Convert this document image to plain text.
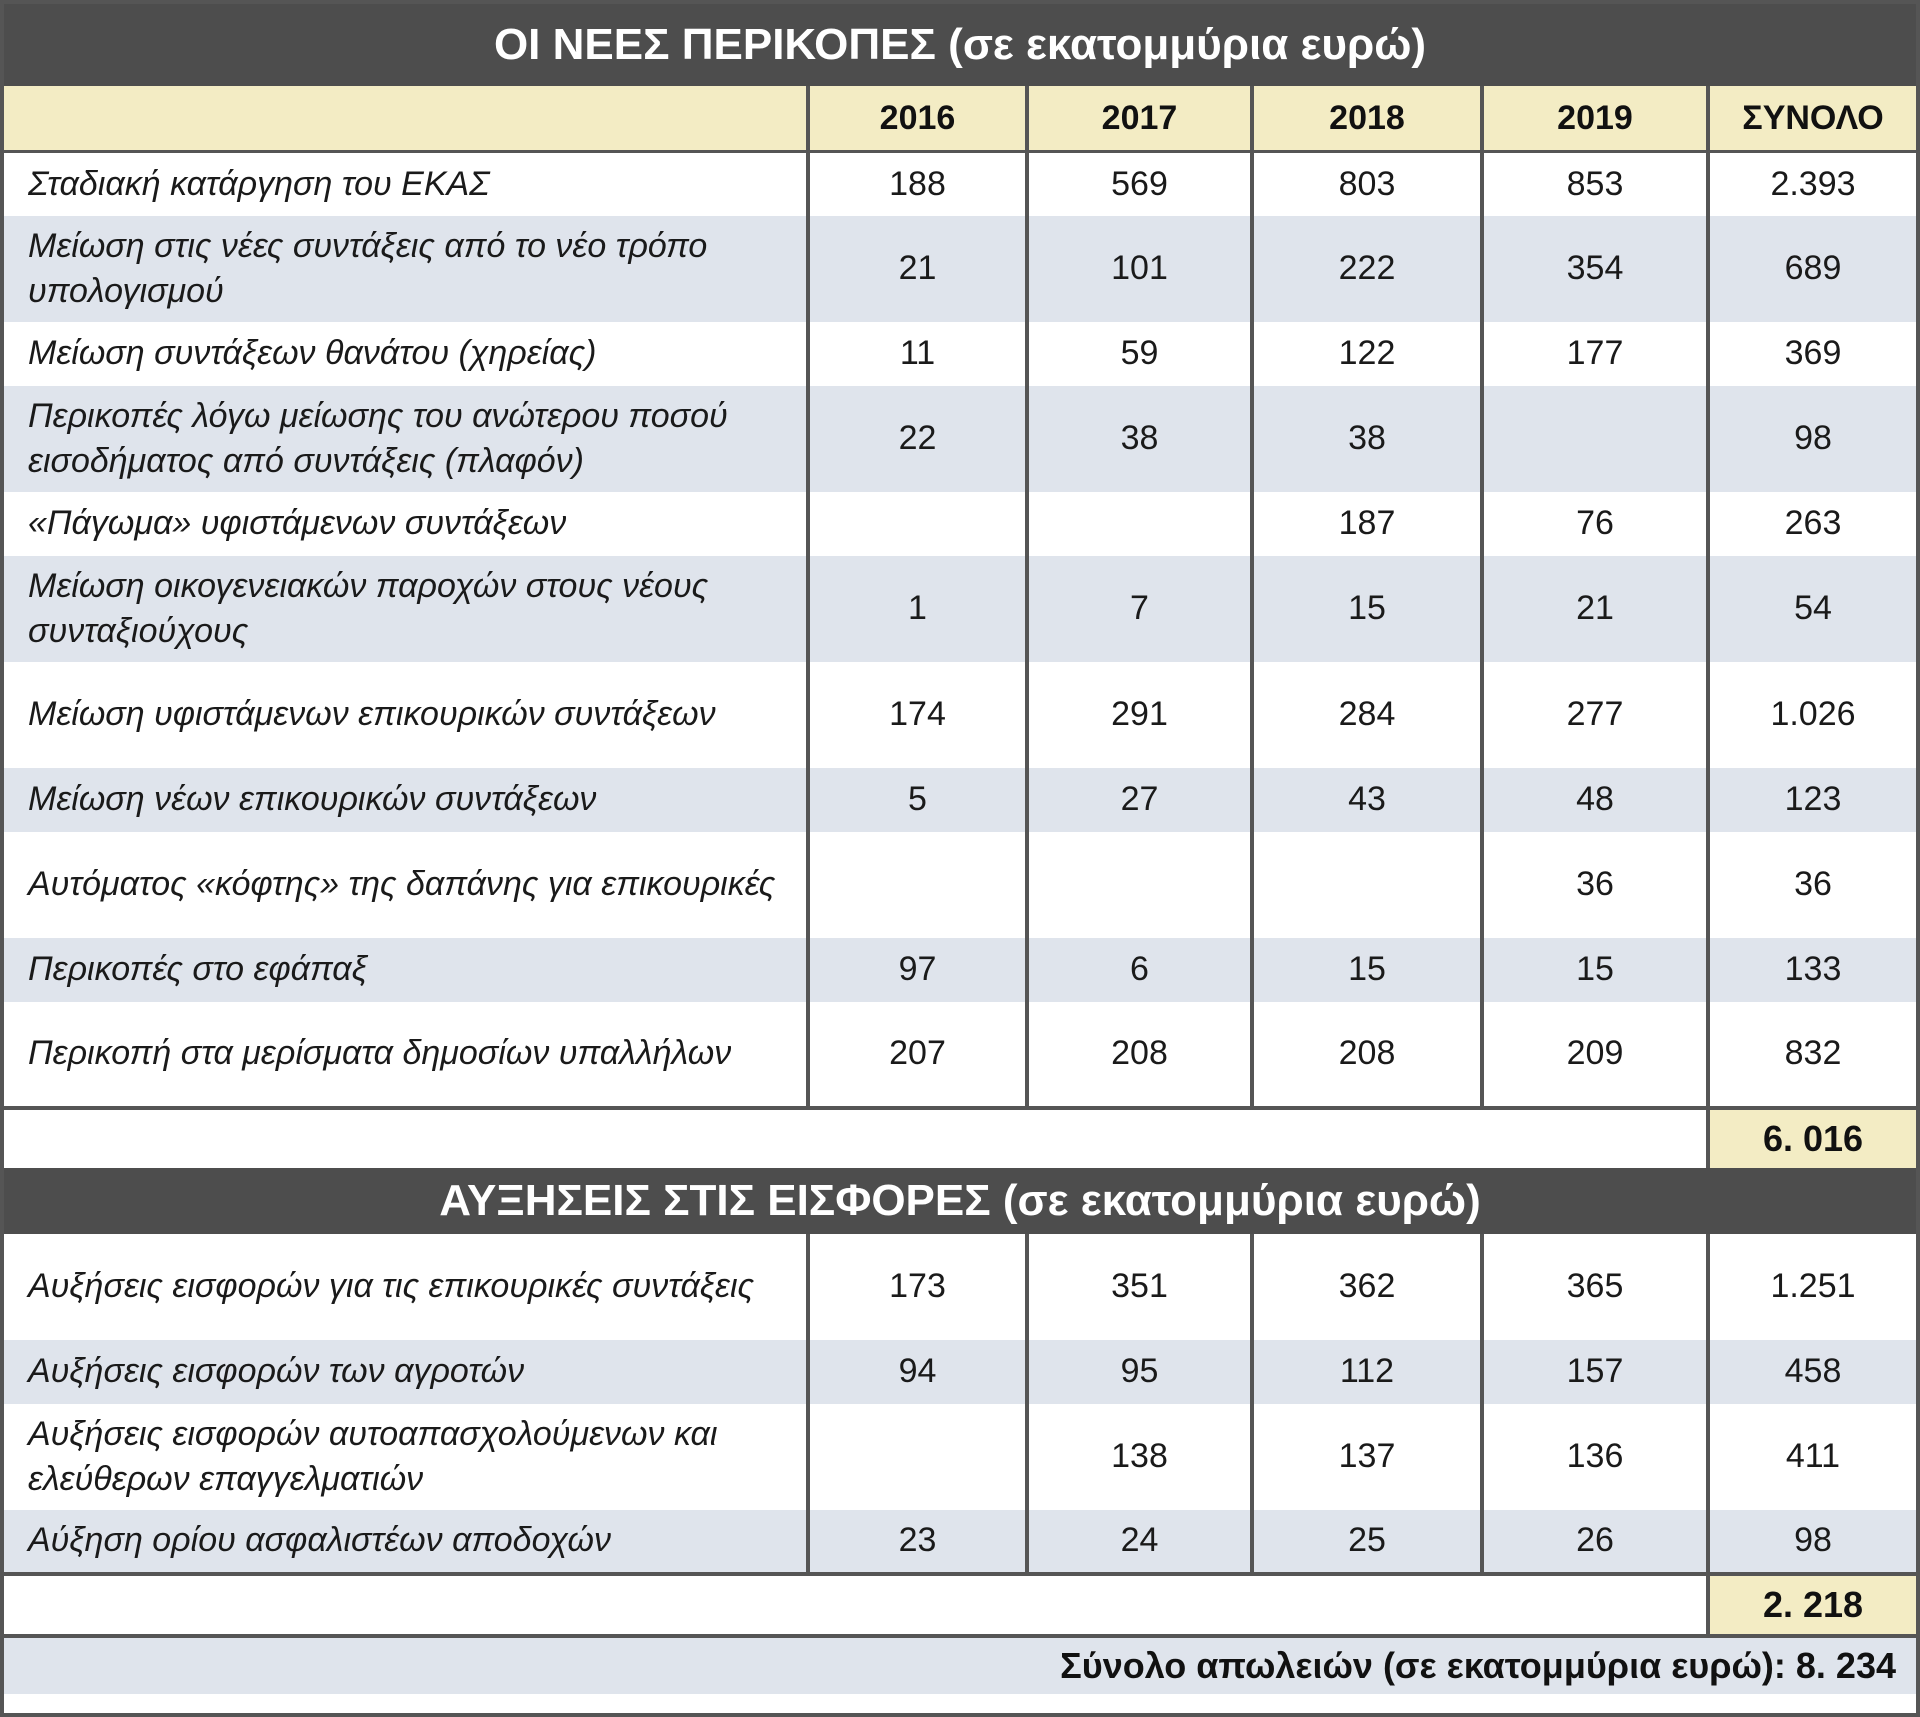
ΟΙ ΝΕΕΣ ΠΕΡΙΚΟΠΕΣ
(σε εκατομμύρια ευρώ)
	2016	2017	2018	2019	ΣΥΝΟΛΟ
Σταδιακή κατάργηση του ΕΚΑΣ	188	569	803	853	2.393
Μείωση στις νέες συντάξεις από το νέο τρόπο υπολογισμού	21	101	222	354	689
Μείωση συντάξεων θανάτου (χηρείας)	11	59	122	177	369
Περικοπές λόγω μείωσης του ανώτερου ποσού εισοδήματος από συντάξεις (πλαφόν)	22	38	38		98
«Πάγωμα» υφιστάμενων συντάξεων			187	76	263
Μείωση οικογενειακών παροχών στους νέους συνταξιούχους	1	7	15	21	54
Μείωση υφιστάμενων επικουρικών συντάξεων	174	291	284	277	1.026
Μείωση νέων επικουρικών συντάξεων	5	27	43	48	123
Αυτόματος «κόφτης» της δαπάνης για επικουρικές				36	36
Περικοπές στο εφάπαξ	97	6	15	15	133
Περικοπή στα μερίσματα δημοσίων υπαλλήλων	207	208	208	209	832
					6. 016
ΑΥΞΗΣΕΙΣ ΣΤΙΣ ΕΙΣΦΟΡΕΣ
(σε εκατομμύρια ευρώ)
Αυξήσεις εισφορών για τις επικουρικές συντάξεις	173	351	362	365	1.251
Αυξήσεις εισφορών των αγροτών	94	95	112	157	458
Αυξήσεις εισφορών αυτοαπασχολούμενων και ελεύθερων επαγγελματιών		138	137	136	411
Αύξηση ορίου ασφαλιστέων αποδοχών	23	24	25	26	98
					2. 218
Σύνολο απωλειών (σε εκατομμύρια ευρώ): 8. 234
